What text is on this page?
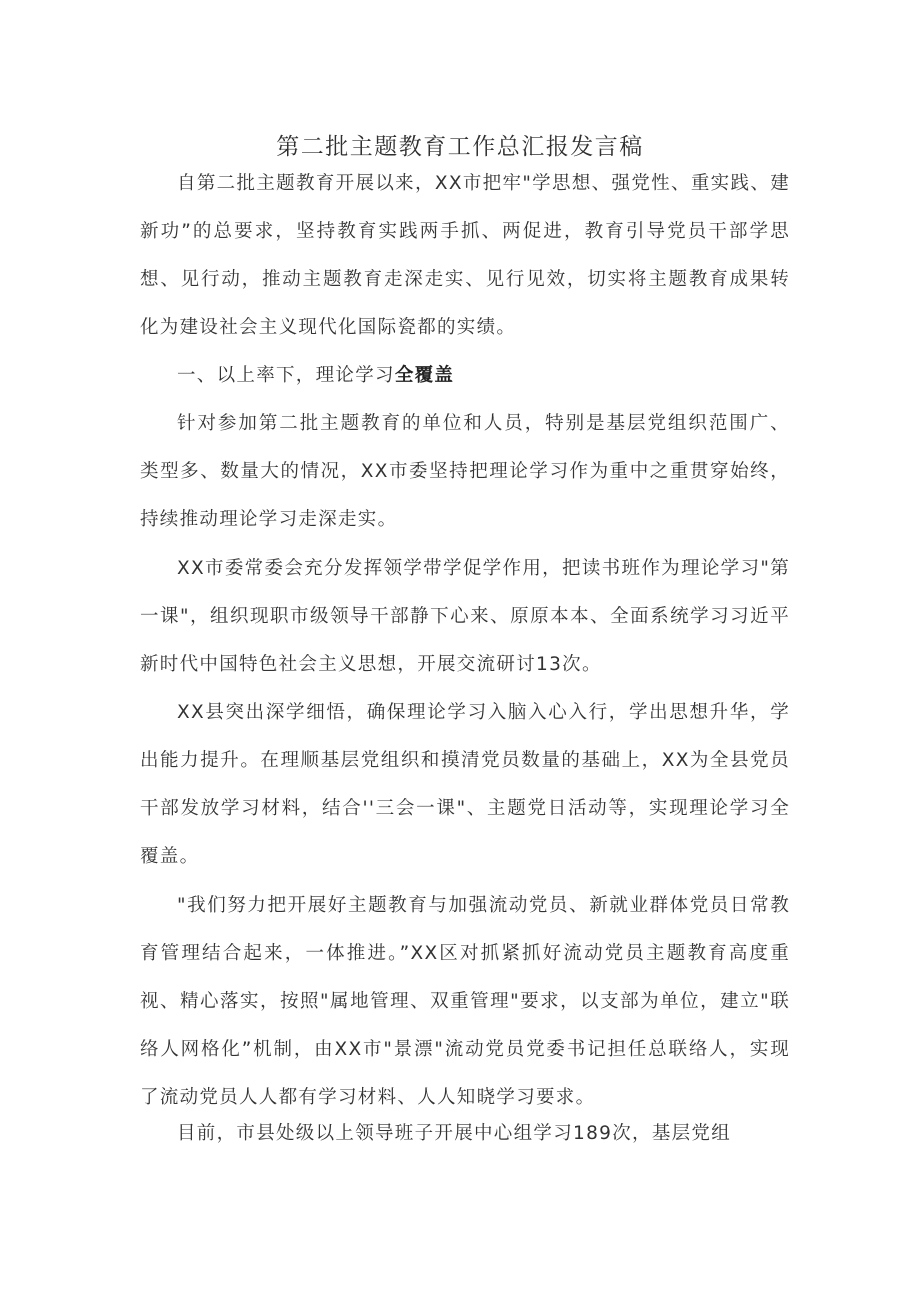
第二批主题教育工作总汇报发言稿

自第二批主题教育开展以来，XX市把牢"学思想、强党性、重实践、建新功”的总要求，坚持教育实践两手抓、两促进，教育引导党员干部学思想、见行动，推动主题教育走深走实、见行见效，切实将主题教育成果转化为建设社会主义现代化国际瓷都的实绩。

一、以上率下，理论学习全覆盖

针对参加第二批主题教育的单位和人员，特别是基层党组织范围广、类型多、数量大的情况，XX市委坚持把理论学习作为重中之重贯穿始终，持续推动理论学习走深走实。

XX市委常委会充分发挥领学带学促学作用，把读书班作为理论学习"第一课"，组织现职市级领导干部静下心来、原原本本、全面系统学习习近平新时代中国特色社会主义思想，开展交流研讨13次。

XX县突出深学细悟，确保理论学习入脑入心入行，学出思想升华，学出能力提升。在理顺基层党组织和摸清党员数量的基础上，XX为全县党员干部发放学习材料，结合''三会一课"、主题党日活动等，实现理论学习全覆盖。

"我们努力把开展好主题教育与加强流动党员、新就业群体党员日常教育管理结合起来，一体推进。”XX区对抓紧抓好流动党员主题教育高度重视、精心落实，按照"属地管理、双重管理"要求，以支部为单位，建立"联络人网格化”机制，由XX市"景漂"流动党员党委书记担任总联络人，实现了流动党员人人都有学习材料、人人知晓学习要求。

目前，市县处级以上领导班子开展中心组学习189次，基层党组
